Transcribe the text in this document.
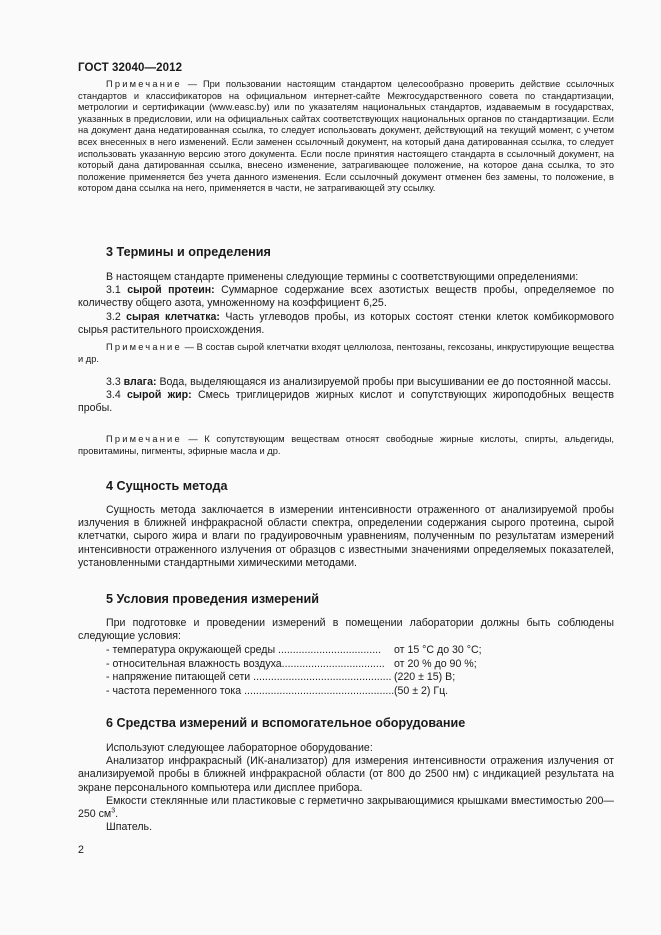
ГОСТ 32040—2012

Примечание — При пользовании настоящим стандартом целесообразно проверить действие ссылочных стандартов и классификаторов на официальном интернет-сайте Межгосударственного совета по стандартизации, метрологии и сертификации (www.easc.by) или по указателям национальных стандартов, издаваемым в государствах, указанных в предисловии, или на официальных сайтах соответствующих национальных органов по стандартизации. Если на документ дана недатированная ссылка, то следует использовать документ, действующий на текущий момент, с учетом всех внесенных в него изменений. Если заменен ссылочный документ, на который дана датированная ссылка, то следует использовать указанную версию этого документа. Если после принятия настоящего стандарта в ссылочный документ, на который дана датированная ссылка, внесено изменение, затрагивающее положение, на которое дана ссылка, то это положение применяется без учета данного изменения. Если ссылочный документ отменен без замены, то положение, в котором дана ссылка на него, применяется в части, не затрагивающей эту ссылку.

3 Термины и определения

В настоящем стандарте применены следующие термины с соответствующими определениями:

3.1 сырой протеин: Суммарное содержание всех азотистых веществ пробы, определяемое по количеству общего азота, умноженному на коэффициент 6,25.

3.2 сырая клетчатка: Часть углеводов пробы, из которых состоят стенки клеток комбикормового сырья растительного происхождения.

Примечание — В состав сырой клетчатки входят целлюлоза, пентозаны, гексозаны, инкрустирующие вещества и др.

3.3 влага: Вода, выделяющаяся из анализируемой пробы при высушивании ее до постоянной массы.

3.4 сырой жир: Смесь триглицеридов жирных кислот и сопутствующих жироподобных веществ пробы.

Примечание — К сопутствующим веществам относят свободные жирные кислоты, спирты, альдегиды, провитамины, пигменты, эфирные масла и др.

4 Сущность метода

Сущность метода заключается в измерении интенсивности отраженного от анализируемой пробы излучения в ближней инфракрасной области спектра, определении содержания сырого протеина, сырой клетчатки, сырого жира и влаги по градуировочным уравнениям, полученным по результатам измерений интенсивности отраженного излучения от образцов с известными значениями определяемых показателей, установленными стандартными химическими методами.

5 Условия проведения измерений

При подготовке и проведении измерений в помещении лаборатории должны быть соблюдены следующие условия:

- температура окружающей среды ................................... от 15 °C до 30 °C;
- относительная влажность воздуха................................... от 20 % до 90 %;
- напряжение питающей сети ............................................... (220 ± 15) В;
- частота переменного тока ...................................................(50 ± 2) Гц.
6 Средства измерений и вспомогательное оборудование

Используют следующее лабораторное оборудование:

Анализатор инфракрасный (ИК-анализатор) для измерения интенсивности отражения излучения от анализируемой пробы в ближней инфракрасной области (от 800 до 2500 нм) с индикацией результата на экране персонального компьютера или дисплее прибора.

Емкости стеклянные или пластиковые с герметично закрывающимися крышками вместимостью 200—250 $см^3$.

Шпатель.

2
